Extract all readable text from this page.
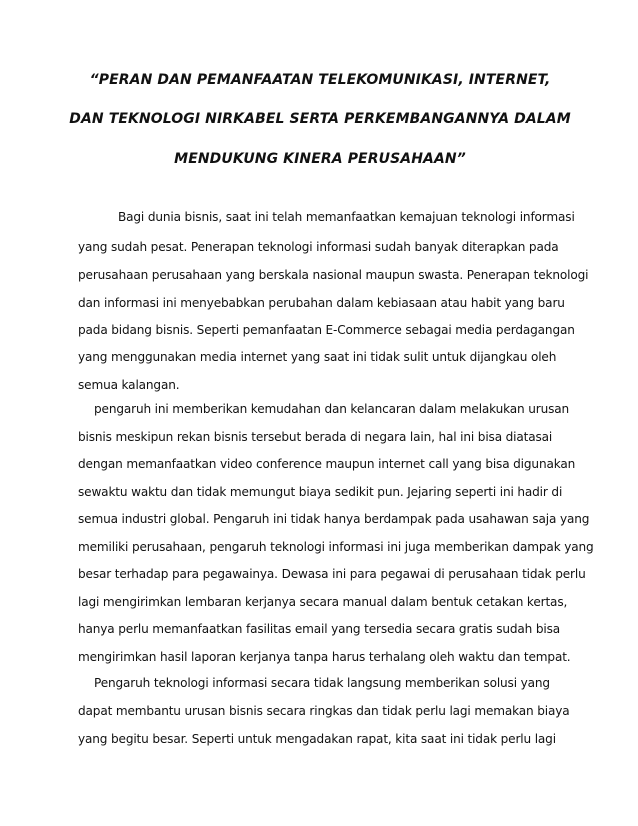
“PERAN DAN PEMANFAATAN TELEKOMUNIKASI, INTERNET,
DAN TEKNOLOGI NIRKABEL SERTA PERKEMBANGANNYA DALAM
MENDUKUNG KINERA PERUSAHAAN”
Bagi dunia bisnis, saat ini telah memanfaatkan kemajuan teknologi informasi
yang sudah pesat. Penerapan teknologi informasi sudah banyak diterapkan pada
perusahaan perusahaan yang berskala nasional maupun swasta. Penerapan teknologi
dan informasi ini menyebabkan perubahan dalam kebiasaan atau habit yang baru
pada bidang bisnis. Seperti pemanfaatan E-Commerce sebagai media perdagangan
yang menggunakan media internet yang saat ini tidak sulit untuk dijangkau oleh
semua kalangan.
pengaruh ini memberikan kemudahan dan kelancaran dalam melakukan urusan
bisnis meskipun rekan bisnis tersebut berada di negara lain, hal ini bisa diatasai
dengan memanfaatkan video conference maupun internet call yang bisa digunakan
sewaktu waktu dan tidak memungut biaya sedikit pun. Jejaring seperti ini hadir di
semua industri global. Pengaruh ini tidak hanya berdampak pada usahawan saja yang
memiliki perusahaan, pengaruh teknologi informasi ini juga memberikan dampak yang
besar terhadap para pegawainya. Dewasa ini para pegawai di perusahaan tidak perlu
lagi mengirimkan lembaran kerjanya secara manual dalam bentuk cetakan kertas,
hanya perlu memanfaatkan fasilitas email yang tersedia secara gratis sudah bisa
mengirimkan hasil laporan kerjanya tanpa harus terhalang oleh waktu dan tempat.
Pengaruh teknologi informasi secara tidak langsung memberikan solusi yang
dapat membantu urusan bisnis secara ringkas dan tidak perlu lagi memakan biaya
yang begitu besar. Seperti untuk mengadakan rapat, kita saat ini tidak perlu lagi
